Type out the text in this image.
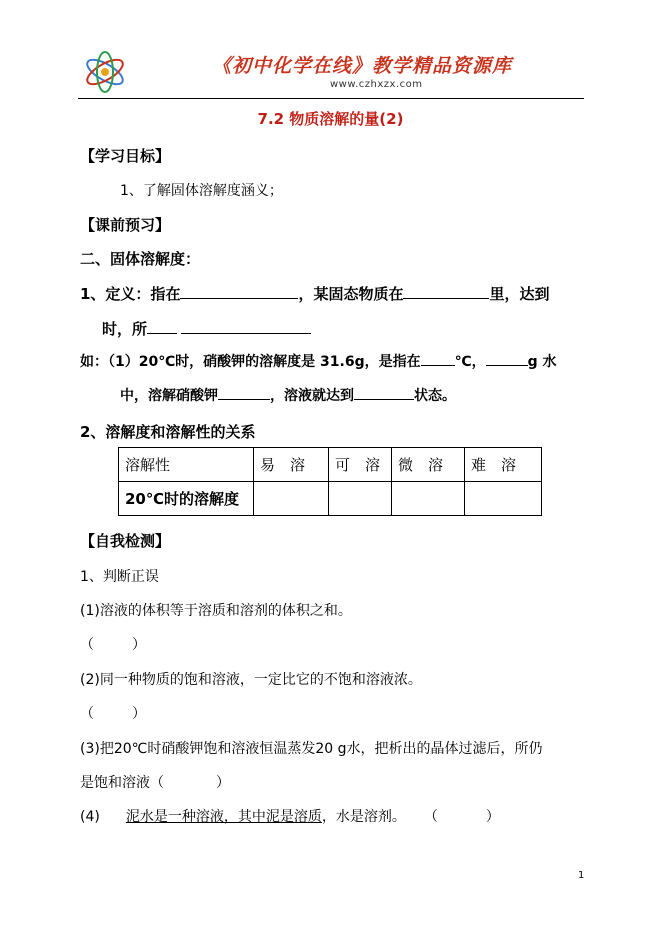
《初中化学在线》教学精品资源库
www.czhxzx.com
7.2 物质溶解的量(2)
【学习目标】
1、了解固体溶解度涵义；
【课前预习】
二、固体溶解度：
1、定义：指在	，某固态物质在	里，达到
时，所
如：（1）20℃时，硝酸钾的溶解度是 31.6g，是指在 ℃，	g 水
中，溶解硝酸钾	，溶液就达到	状态。
2、溶解度和溶解性的关系
溶解性	易　溶	可　溶	微　溶	难　溶
20℃时的溶解度				
【自我检测】
1、判断正误
(1)溶液的体积等于溶质和溶剂的体积之和。
（	）
(2)同一种物质的饱和溶液，一定比它的不饱和溶液浓。
（	）
(3)把20℃时硝酸钾饱和溶液恒温蒸发20 g水，把析出的晶体过滤后，所仍
是饱和溶液（	）
(4) 泥水是一种溶液，其中泥是溶质，水是溶剂。 （	）
1
